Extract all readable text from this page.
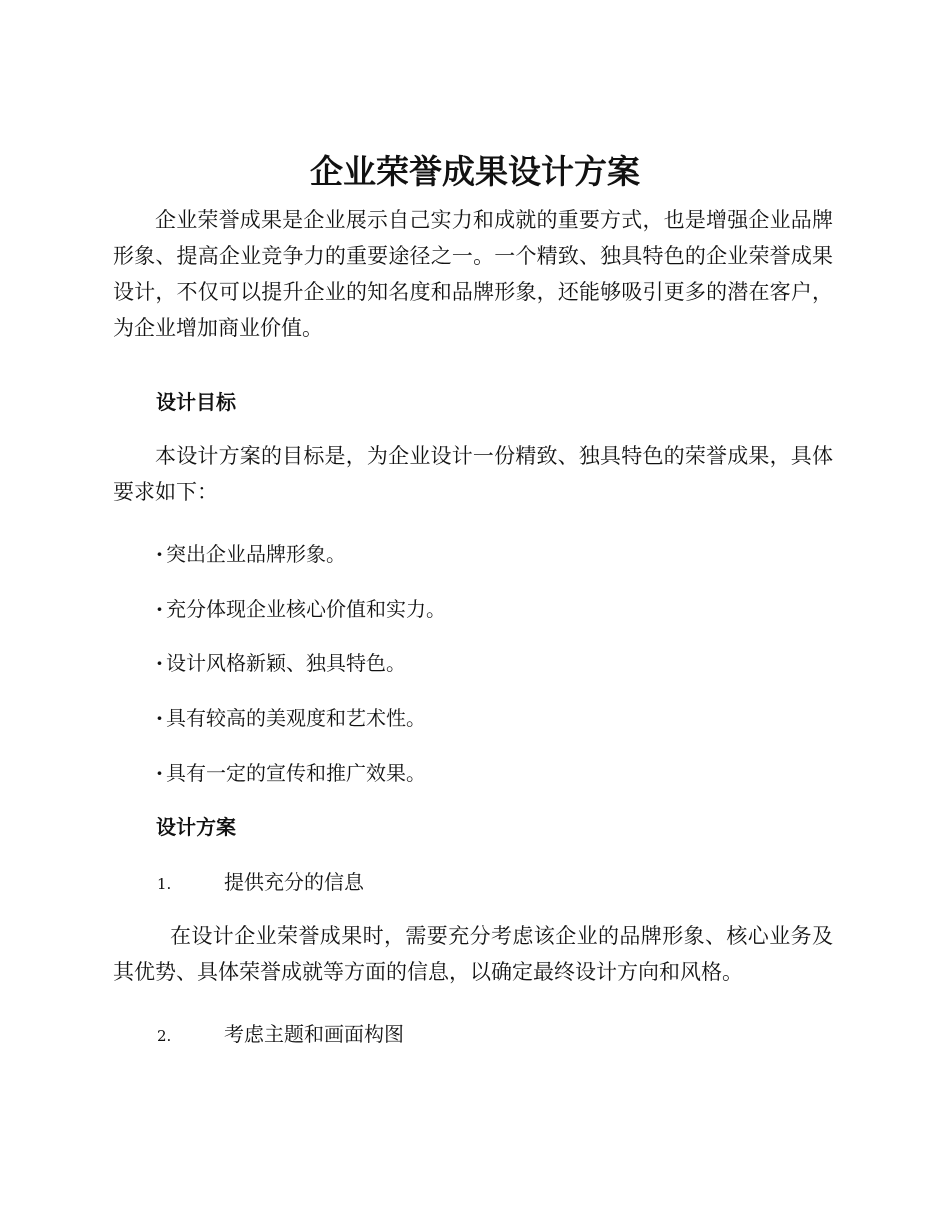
企业荣誉成果设计方案

企业荣誉成果是企业展示自己实力和成就的重要方式，也是增强企业品牌形象、提高企业竞争力的重要途径之一。一个精致、独具特色的企业荣誉成果设计，不仅可以提升企业的知名度和品牌形象，还能够吸引更多的潜在客户，为企业增加商业价值。

设计目标

本设计方案的目标是，为企业设计一份精致、独具特色的荣誉成果，具体要求如下：

· 突出企业品牌形象。
· 充分体现企业核心价值和实力。
· 设计风格新颖、独具特色。
· 具有较高的美观度和艺术性。
· 具有一定的宣传和推广效果。
设计方案
1.	提供充分的信息

在设计企业荣誉成果时，需要充分考虑该企业的品牌形象、核心业务及其优势、具体荣誉成就等方面的信息，以确定最终设计方向和风格。

2.	考虑主题和画面构图
